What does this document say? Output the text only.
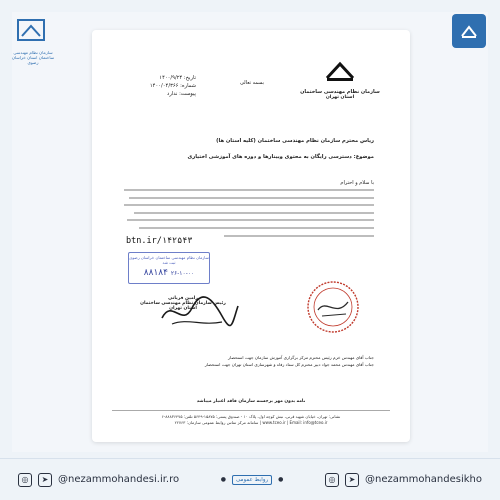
سازمان نظام مهندسی ساختمان استان خراسان رضوی
سازمان نظام مهندسی ساختمان
استان تهران
بسمه تعالی
تاریخ: ۱۴۰۰/۹/۲۴
شماره: ۱۴۰۰/۰۴/۳۶۶
پیوست: ندارد
ریاس محترم سازمان نظام مهندسی ساختمان (کلیه استان ها)
موضوع: دسترسی رایگان به محتوی وبینارها و دوره های آموزشی اختیاری
با سلام و احترام
btn.ir/۱۴۲۵۴۳
سازمان نظام مهندسی ساختمان خراسان رضوی
ثبت شد
۸۸۱۸۴ ۲۶-۱۰-۰۰
رامین قربانی
رئیس سازمان نظام مهندسی ساختمان استان تهران
جناب آقای مهندس خرم رئیس محترم مرکز برگزاری آموزش سازمان جهت استحضار
جناب آقای مهندس محمد جواد دبیر محترم کل ستاد رفاه و شهرسازی استان تهران جهت استحضار
نامه بدون مهر برجسته سازمان فاقد اعتبار میباشد
نشانی: تهران، خیابان شهید قرنی، نبش کوچه اول، پلاک ۱۰ - صندوق پستی: ۱۵۸۷۵-۵۶۴۹ تلفن: ۸۸۸۳۶۴۷۵-۶
www.tceo.ir | Email: info@tceo.ir | سامانه مرکز تماس روابط عمومی سازمان: ۲۲۷۶۳
◎	➤ @nezammohandesi.ir.ro	●	روابط عمومی	●	◎	➤ @nezammohandesikho
